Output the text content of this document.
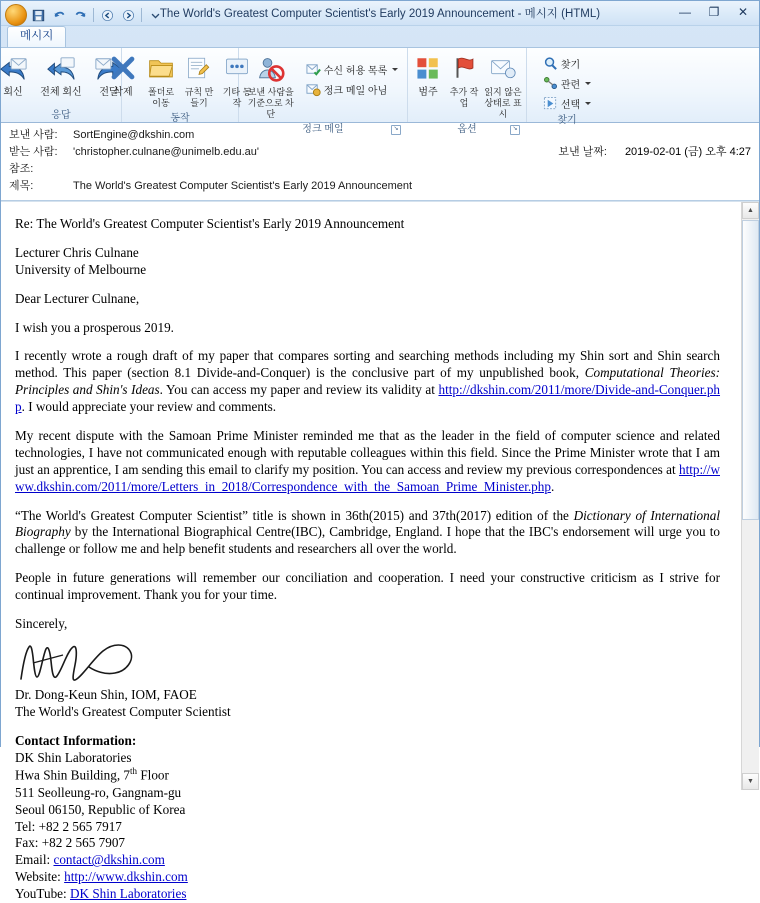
The World's Greatest Computer Scientist's Early 2019 Announcement - 메시지 (HTML)	—	❐	✕
메시지
회신 전체 회신 전달
응답
삭제	폴더로 이동
규칙 만들기
기타 동작
동작
보낸 사람을 기준으로 차단
수신 허용 목록
정크 메일 아님
정크 메일	↘
범주 추가 작업
읽지 않은 상태로 표시
옵션	↘
찾기
관련
선택
찾기
보낸 사람:	SortEngine@dkshin.com
받는 사람:	'christopher.culnane@unimelb.edu.au'	보낸 날짜: 2019-02-01 (금) 오후 4:27
참조:
제목:	The World's Greatest Computer Scientist's Early 2019 Announcement

Re: The World's Greatest Computer Scientist's Early 2019 Announcement

Lecturer Chris Culnane
University of Melbourne

Dear Lecturer Culnane,

I wish you a prosperous 2019.

I recently wrote a rough draft of my paper that compares sorting and searching methods including my Shin sort and Shin search method. This paper (section 8.1 Divide-and-Conquer) is the conclusive part of my unpublished book, Computational Theories: Principles and Shin's Ideas. You can access my paper and review its validity at http://dkshin.com/2011/more/Divide-and-Conquer.php. I would appreciate your review and comments.

My recent dispute with the Samoan Prime Minister reminded me that as the leader in the field of computer science and related technologies, I have not communicated enough with reputable colleagues within this field. Since the Prime Minister wrote that I am just an apprentice, I am sending this email to clarify my position. You can access and review my previous correspondences at http://www.dkshin.com/2011/more/Letters_in_2018/Correspondence_with_the_Samoan_Prime_Minister.php.

“The World's Greatest Computer Scientist” title is shown in 36th(2015) and 37th(2017) edition of the Dictionary of International Biography by the International Biographical Centre(IBC), Cambridge, England. I hope that the IBC's endorsement will urge you to challenge or follow me and help benefit students and researchers all over the world.

People in future generations will remember our conciliation and cooperation. I need your constructive criticism as I strive for continual improvement. Thank you for your time.

Sincerely,

Dr. Dong-Keun Shin, IOM, FAOE

The World's Greatest Computer Scientist

Contact Information:

DK Shin Laboratories
Hwa Shin Building, 7th Floor
511 Seolleung-ro, Gangnam-gu
Seoul 06150, Republic of Korea
Tel: +82 2 565 7917
Fax: +82 2 565 7907
Email: contact@dkshin.com
Website: http://www.dkshin.com
YouTube: DK Shin Laboratories
▲
▼
